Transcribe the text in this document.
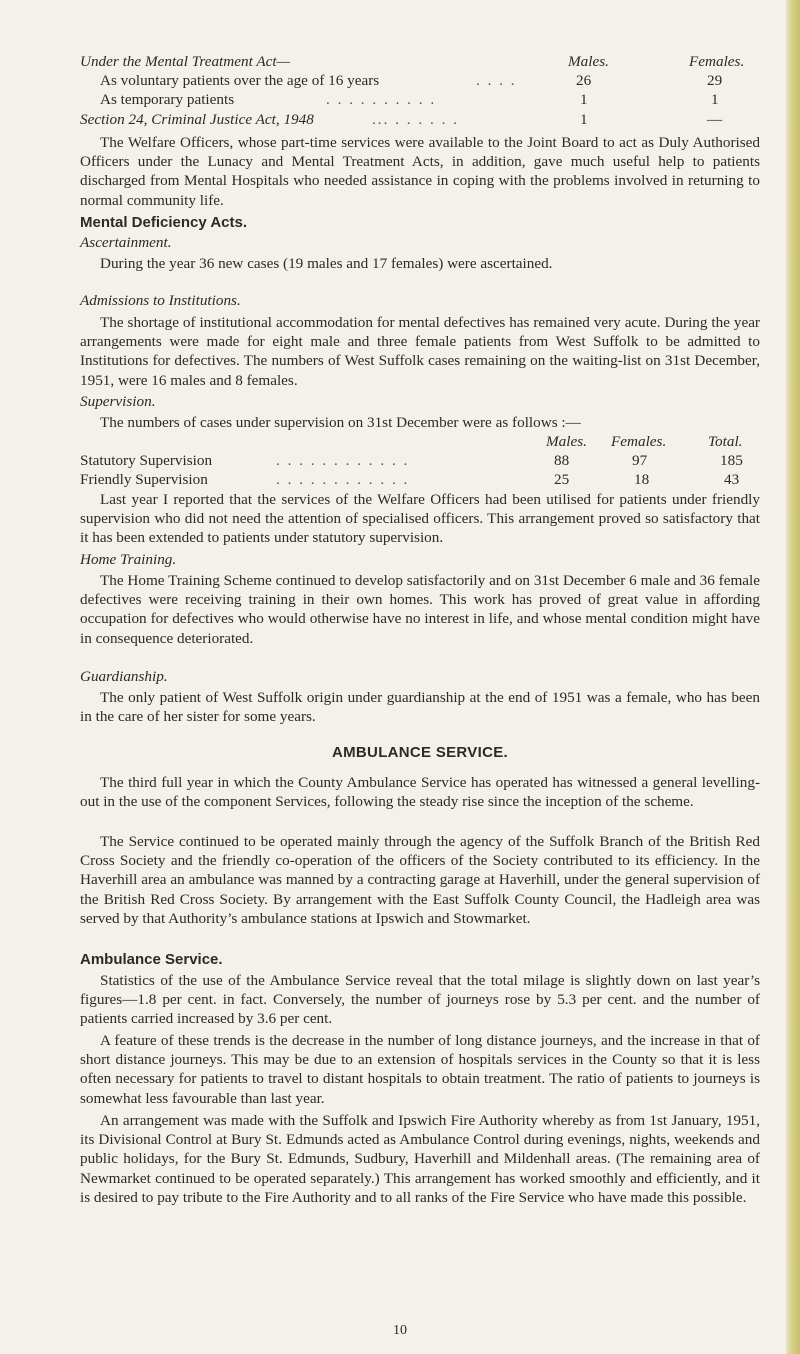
Under the Mental Treatment Act—	Males.	Females.
As voluntary patients over the age of 16 years	. . . .	26	29
As temporary patients	. . . . . . . . . .	1	1
Section 24, Criminal Justice Act, 1948	... . . . . . .	1	—

The Welfare Officers, whose part-time services were available to the Joint Board to act as Duly Authorised Officers under the Lunacy and Mental Treatment Acts, in addition, gave much useful help to patients discharged from Mental Hospitals who needed assistance in coping with the problems involved in returning to normal community life.

Mental Deficiency Acts.
Ascertainment.

During the year 36 new cases (19 males and 17 females) were ascertained.

Admissions to Institutions.

The shortage of institutional accommodation for mental defectives has remained very acute. During the year arrangements were made for eight male and three female patients from West Suffolk to be admitted to Institutions for defectives. The numbers of West Suffolk cases remaining on the waiting-list on 31st December, 1951, were 16 males and 8 females.

Supervision.

The numbers of cases under supervision on 31st December were as follows :—

Males. Females.	Total.
Statutory Supervision	. . . . . . . . . . . .	88	97	185
Friendly Supervision	. . . . . . . . . . . .	25	18	43

Last year I reported that the services of the Welfare Officers had been utilised for patients under friendly supervision who did not need the attention of specialised officers. This arrangement proved so satisfactory that it has been extended to patients under statutory supervision.

Home Training.

The Home Training Scheme continued to develop satisfactorily and on 31st December 6 male and 36 female defectives were receiving training in their own homes. This work has proved of great value in affording occupation for defectives who would otherwise have no interest in life, and whose mental condition might have in consequence deteriorated.

Guardianship.

The only patient of West Suffolk origin under guardianship at the end of 1951 was a female, who has been in the care of her sister for some years.

AMBULANCE SERVICE.

The third full year in which the County Ambulance Service has operated has witnessed a general levelling-out in the use of the component Services, following the steady rise since the inception of the scheme.

The Service continued to be operated mainly through the agency of the Suffolk Branch of the British Red Cross Society and the friendly co-operation of the officers of the Society contributed to its efficiency. In the Haverhill area an ambulance was manned by a contracting garage at Haverhill, under the general supervision of the British Red Cross Society. By arrangement with the East Suffolk County Council, the Hadleigh area was served by that Authority’s ambulance stations at Ipswich and Stowmarket.

Ambulance Service.

Statistics of the use of the Ambulance Service reveal that the total milage is slightly down on last year’s figures—1.8 per cent. in fact. Conversely, the number of journeys rose by 5.3 per cent. and the number of patients carried increased by 3.6 per cent.

A feature of these trends is the decrease in the number of long distance journeys, and the increase in that of short distance journeys. This may be due to an extension of hospitals services in the County so that it is less often necessary for patients to travel to distant hospitals to obtain treatment. The ratio of patients to journeys is somewhat less favourable than last year.

An arrangement was made with the Suffolk and Ipswich Fire Authority whereby as from 1st January, 1951, its Divisional Control at Bury St. Edmunds acted as Ambulance Control during evenings, nights, weekends and public holidays, for the Bury St. Edmunds, Sudbury, Haverhill and Mildenhall areas. (The remaining area of Newmarket continued to be operated separately.) This arrangement has worked smoothly and efficiently, and it is desired to pay tribute to the Fire Authority and to all ranks of the Fire Service who have made this possible.

10
